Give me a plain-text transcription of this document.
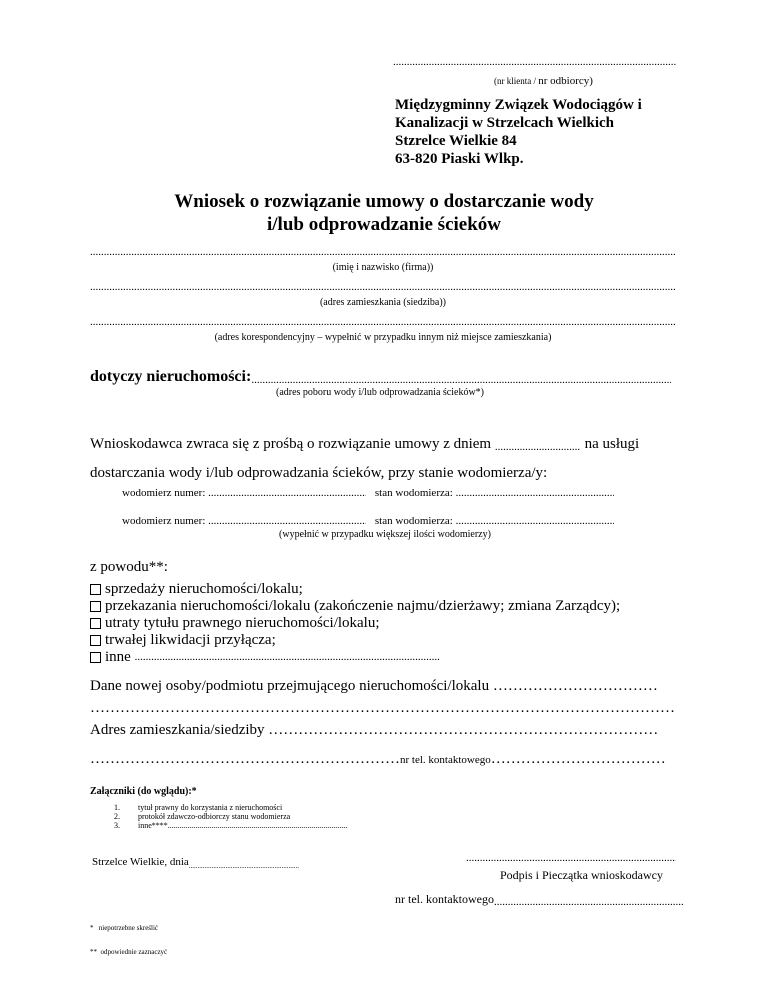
.....
(nr klienta / nr odbiorcy)
Międzygminny Związek Wodociągów i
Kanalizacji w Strzelcach Wielkich
Stzrelce Wielkie 84
63-820 Piaski Wlkp.
Wniosek o rozwiązanie umowy o dostarczanie wody
i/lub odprowadzanie ścieków
.....
(imię i nazwisko (firma))
.....
(adres zamieszkania (siedziba))
.....
(adres korespondencyjny – wypełnić w przypadku innym niż miejsce zamieszkania)
dotyczy nieruchomości:.....
(adres poboru wody i/lub odprowadzania ścieków*)
Wnioskodawca zwraca się z prośbą o rozwiązanie umowy z dniem .....	na usługi
dostarczania wody i/lub odprowadzania ścieków, przy stanie wodomierza/y:
wodomierz numer: .....	stan wodomierza: .....
wodomierz numer: .....	stan wodomierza: .....
(wypełnić w przypadku większej ilości wodomierzy)
z powodu**:
sprzedaży nieruchomości/lokalu;
przekazania nieruchomości/lokalu (zakończenie najmu/dzierżawy; zmiana Zarządcy);
utraty tytułu prawnego nieruchomości/lokalu;
trwałej likwidacji przyłącza;
inne

.....
Dane nowej osoby/podmiotu przejmującego nieruchomości/lokalu …………………………………………………………………………………………………………………………………………………………………………………………
…………………………………………………………………………………………………………………………………………………………………………………………
Adres zamieszkania/siedziby …………………………………………………………………………………………………………………………………………………………………………………………
…………………………………………………………………………………………………………………………………………………………………………………………nr tel. kontaktowego…………………………………………………………………………………………………………………………………………………………………………………………
Załączniki (do wglądu):*
1. tytuł prawny do korzystania z nieruchomości
2. protokół zdawczo-odbiorczy stanu wodomierza
3. inne****.....
Strzelce Wielkie, dnia.....
.....
Podpis i Pieczątka wnioskodawcy
nr tel. kontaktowego.....

*   niepotrzebne skreślić

**  odpowiednie zaznaczyć
